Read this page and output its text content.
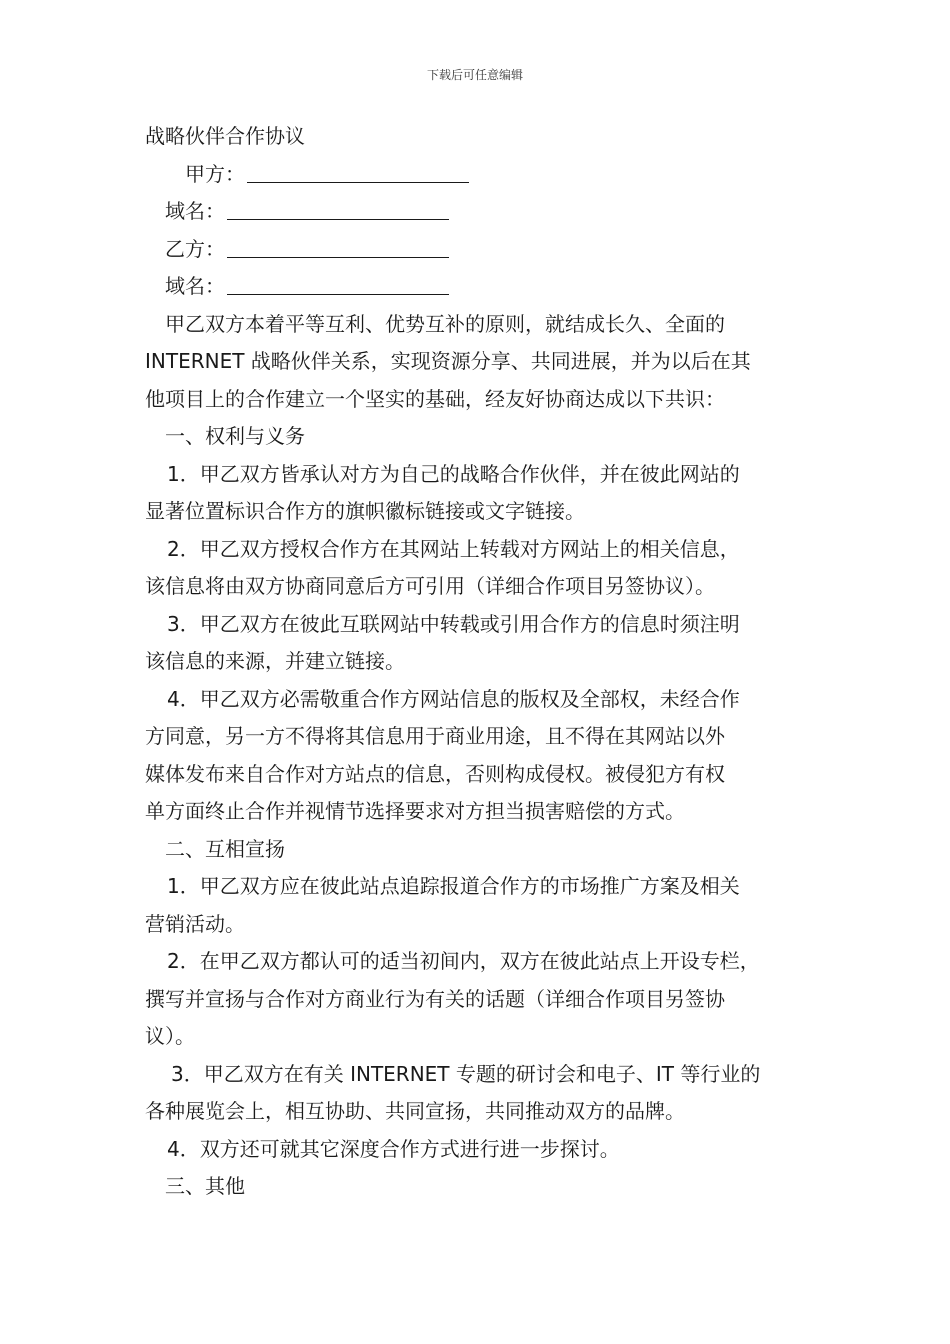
下载后可任意编辑
战略伙伴合作协议
甲方：
域名：
乙方：
域名：
甲乙双方本着平等互利、优势互补的原则，就结成长久、全面的
INTERNET 战略伙伴关系，实现资源分享、共同进展，并为以后在其
他项目上的合作建立一个坚实的基础，经友好协商达成以下共识：
一、权利与义务
1．甲乙双方皆承认对方为自己的战略合作伙伴，并在彼此网站的
显著位置标识合作方的旗帜徽标链接或文字链接。
2．甲乙双方授权合作方在其网站上转载对方网站上的相关信息，
该信息将由双方协商同意后方可引用（详细合作项目另签协议）。
3．甲乙双方在彼此互联网站中转载或引用合作方的信息时须注明
该信息的来源，并建立链接。
4．甲乙双方必需敬重合作方网站信息的版权及全部权，未经合作
方同意，另一方不得将其信息用于商业用途，且不得在其网站以外
媒体发布来自合作对方站点的信息，否则构成侵权。被侵犯方有权
单方面终止合作并视情节选择要求对方担当损害赔偿的方式。
二、互相宣扬
1．甲乙双方应在彼此站点追踪报道合作方的市场推广方案及相关
营销活动。
2．在甲乙双方都认可的适当初间内，双方在彼此站点上开设专栏，
撰写并宣扬与合作对方商业行为有关的话题（详细合作项目另签协
议）。
3．甲乙双方在有关 INTERNET 专题的研讨会和电子、IT 等行业的
各种展览会上，相互协助、共同宣扬，共同推动双方的品牌。
4．双方还可就其它深度合作方式进行进一步探讨。
三、其他
